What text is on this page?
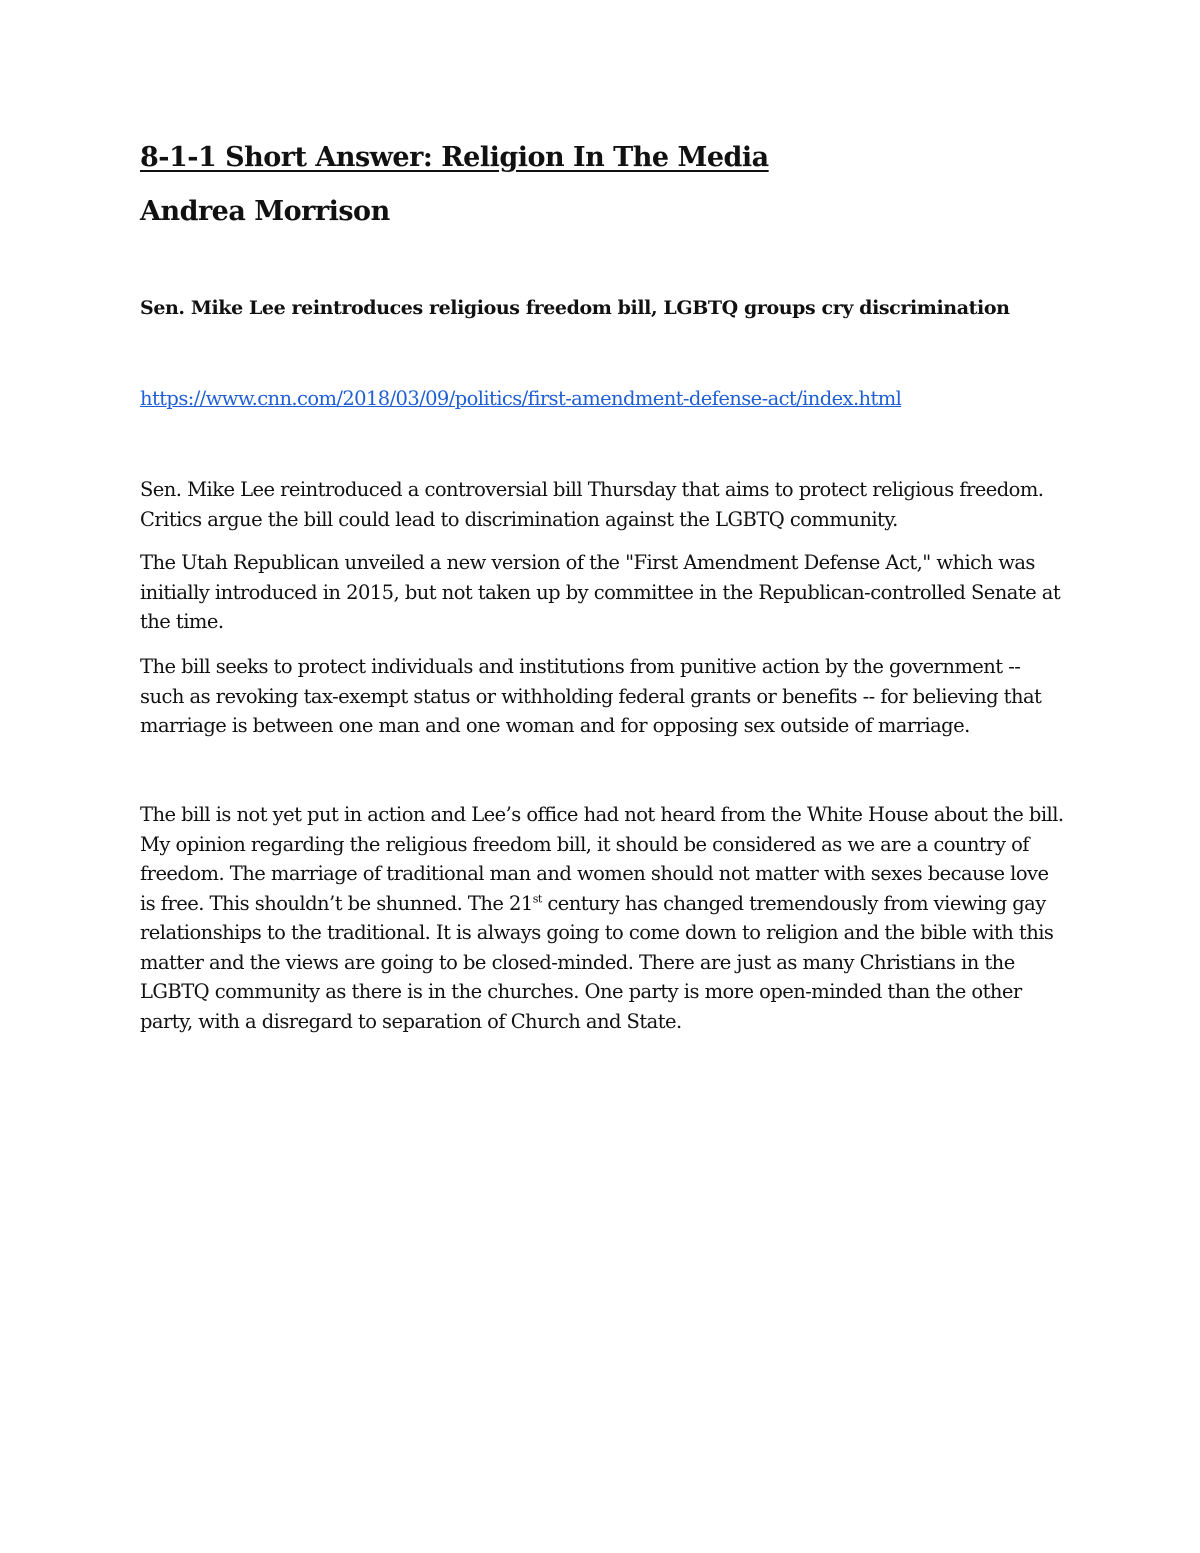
8-1-1 Short Answer: Religion In The Media
Andrea Morrison
Sen. Mike Lee reintroduces religious freedom bill, LGBTQ groups cry discrimination
https://www.cnn.com/2018/03/09/politics/first-amendment-defense-act/index.html

Sen. Mike Lee reintroduced a controversial bill Thursday that aims to protect religious freedom. Critics argue the bill could lead to discrimination against the LGBTQ community.

The Utah Republican unveiled a new version of the "First Amendment Defense Act," which was initially introduced in 2015, but not taken up by committee in the Republican-controlled Senate at the time.

The bill seeks to protect individuals and institutions from punitive action by the government -- such as revoking tax-exempt status or withholding federal grants or benefits -- for believing that marriage is between one man and one woman and for opposing sex outside of marriage.

The bill is not yet put in action and Lee’s office had not heard from the White House about the bill. My opinion regarding the religious freedom bill, it should be considered as we are a country of freedom. The marriage of traditional man and women should not matter with sexes because love is free. This shouldn’t be shunned. The 21st century has changed tremendously from viewing gay relationships to the traditional. It is always going to come down to religion and the bible with this matter and the views are going to be closed-minded. There are just as many Christians in the LGBTQ community as there is in the churches. One party is more open-minded than the other party, with a disregard to separation of Church and State.
